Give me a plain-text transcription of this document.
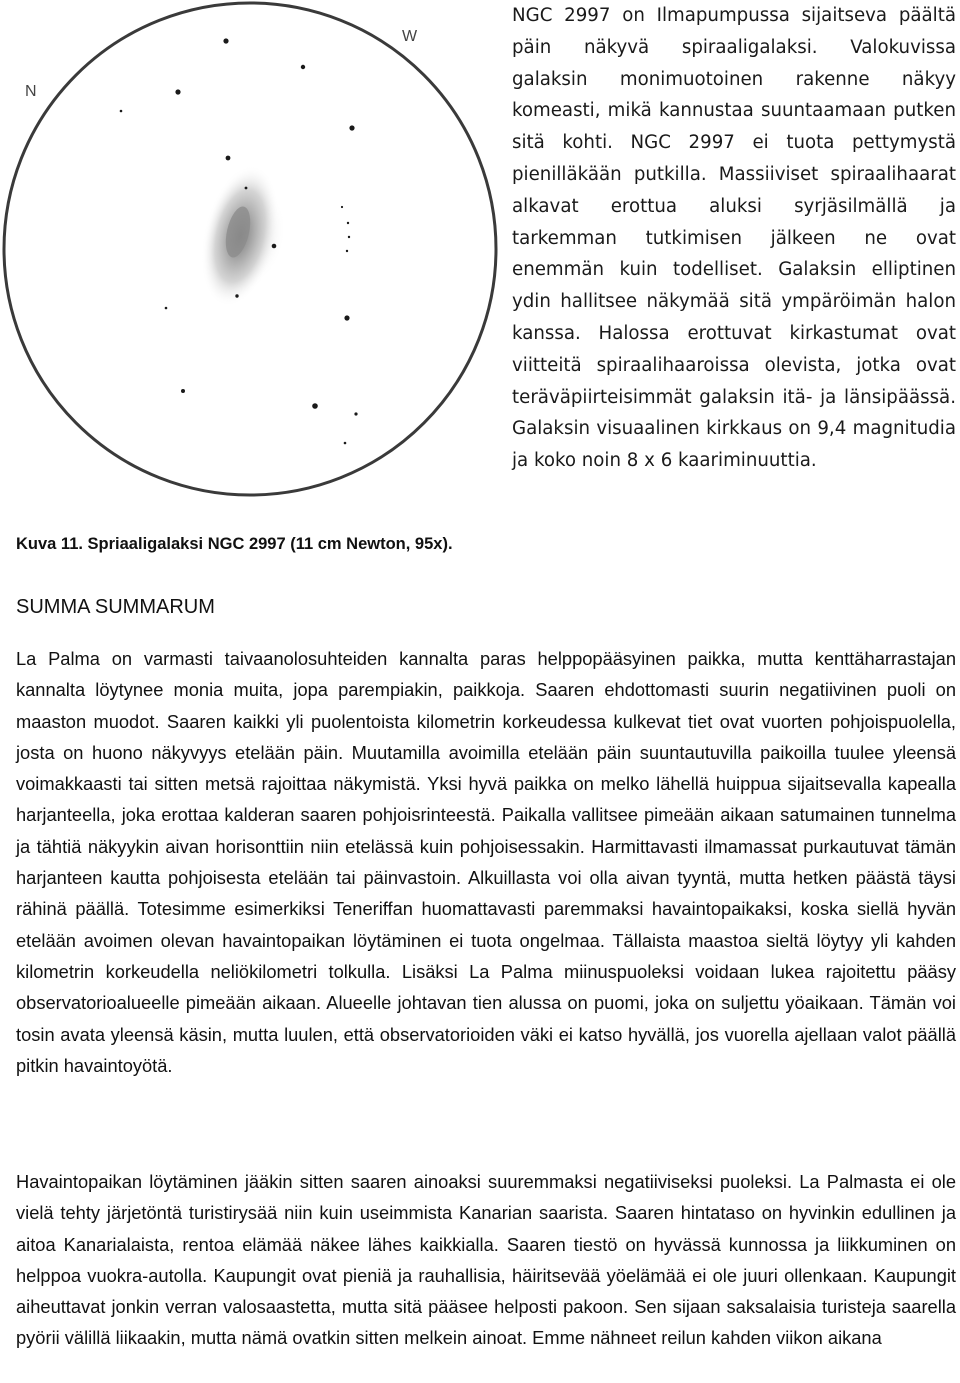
N
W
NGC 2997 on Ilmapumpussa sijaitseva päältä päin näkyvä spiraaligalaksi. Valokuvissa galaksin monimuotoinen rakenne näkyy komeasti, mikä kannustaa suuntaamaan putken sitä kohti. NGC 2997 ei tuota pettymystä pienilläkään putkilla. Massiiviset spiraalihaarat alkavat erottua aluksi syrjäsilmällä ja tarkemman tutkimisen jälkeen ne ovat enemmän kuin todelliset. Galaksin elliptinen ydin hallitsee näkymää sitä ympäröimän halon kanssa. Halossa erottuvat kirkastumat ovat viitteitä spiraalihaaroissa olevista, jotka ovat teräväpiirteisimmät galaksin itä- ja länsipäässä. Galaksin visuaalinen kirkkaus on 9,4 magnitudia ja koko noin 8 x 6 kaariminuuttia.
Kuva 11. Spriaaligalaksi NGC 2997 (11 cm Newton, 95x).
SUMMA SUMMARUM
La Palma on varmasti taivaanolosuhteiden kannalta paras helppopääsyinen paikka, mutta kenttäharrastajan kannalta löytynee monia muita, jopa parempiakin, paikkoja. Saaren ehdottomasti suurin negatiivinen puoli on maaston muodot. Saaren kaikki yli puolentoista kilometrin korkeudessa kulkevat tiet ovat vuorten pohjoispuolella, josta on huono näkyvyys etelään päin. Muutamilla avoimilla etelään päin suuntautuvilla paikoilla tuulee yleensä voimakkaasti tai sitten metsä rajoittaa näkymistä. Yksi hyvä paikka on melko lähellä huippua sijaitsevalla kapealla harjanteella, joka erottaa kalderan saaren pohjoisrinteestä. Paikalla vallitsee pimeään aikaan satumainen tunnelma ja tähtiä näkyykin aivan horisonttiin niin etelässä kuin pohjoisessakin. Harmittavasti ilmamassat purkautuvat tämän harjanteen kautta pohjoisesta etelään tai päinvastoin. Alkuillasta voi olla aivan tyyntä, mutta hetken päästä täysi rähinä päällä. Totesimme esimerkiksi Teneriffan huomattavasti paremmaksi havaintopaikaksi, koska siellä hyvän etelään avoimen olevan havaintopaikan löytäminen ei tuota ongelmaa. Tällaista maastoa sieltä löytyy yli kahden kilometrin korkeudella neliökilometri tolkulla. Lisäksi La Palma miinuspuoleksi voidaan lukea rajoitettu pääsy observatorioalueelle pimeään aikaan. Alueelle johtavan tien alussa on puomi, joka on suljettu yöaikaan. Tämän voi tosin avata yleensä käsin, mutta luulen, että observatorioiden väki ei katso hyvällä, jos vuorella ajellaan valot päällä pitkin havaintoyötä.
Havaintopaikan löytäminen jääkin sitten saaren ainoaksi suuremmaksi negatiiviseksi puoleksi. La Palmasta ei ole vielä tehty järjetöntä turistirysää niin kuin useimmista Kanarian saarista. Saaren hintataso on hyvinkin edullinen ja aitoa Kanarialaista, rentoa elämää näkee lähes kaikkialla. Saaren tiestö on hyvässä kunnossa ja liikkuminen on helppoa vuokra-autolla. Kaupungit ovat pieniä ja rauhallisia, häiritsevää yöelämää ei ole juuri ollenkaan. Kaupungit aiheuttavat jonkin verran valosaastetta, mutta sitä pääsee helposti pakoon. Sen sijaan saksalaisia turisteja saarella pyörii välillä liikaakin, mutta nämä ovatkin sitten melkein ainoat. Emme nähneet reilun kahden viikon aikana
